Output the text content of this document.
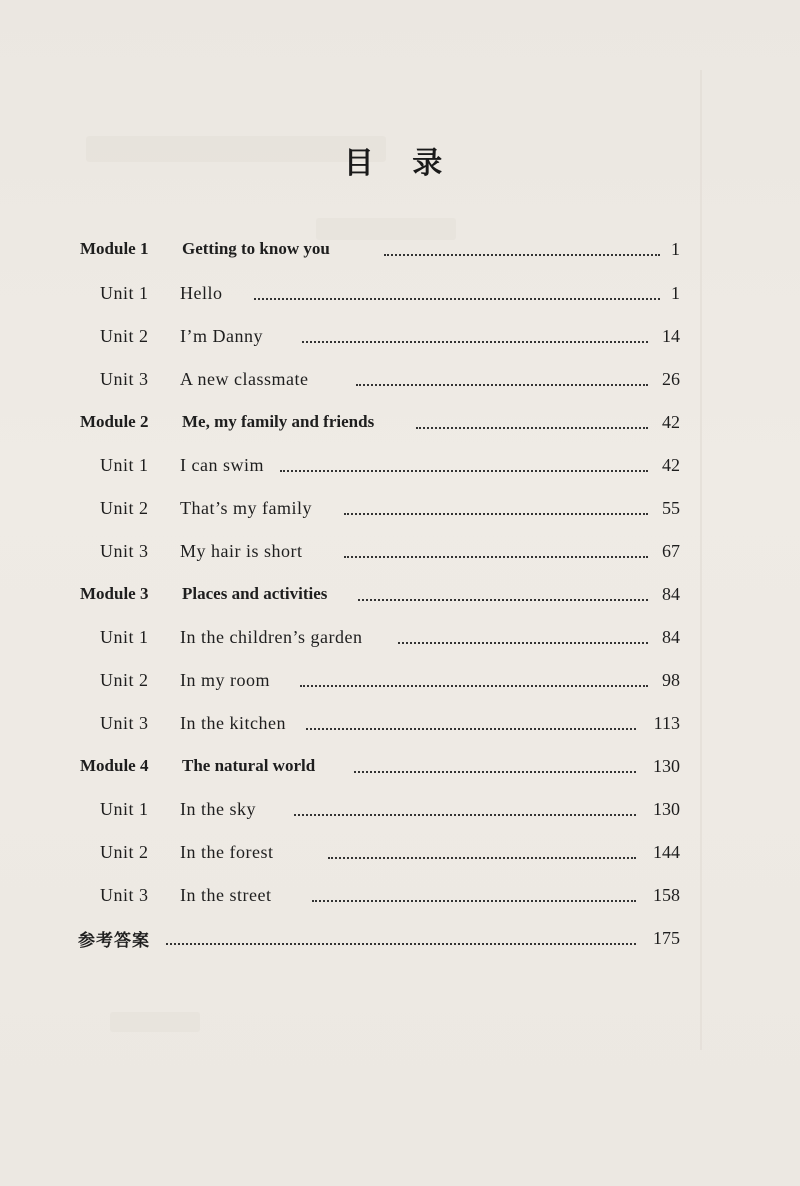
目 录
Module 1 Getting to know you	1
Unit 1 Hello	1
Unit 2 I’m Danny	14
Unit 3 A new classmate	26
Module 2 Me, my family and friends	42
Unit 1 I can swim	42
Unit 2 That’s my family	55
Unit 3 My hair is short	67
Module 3 Places and activities	84
Unit 1 In the children’s garden	84
Unit 2 In my room	98
Unit 3 In the kitchen	113
Module 4 The natural world	130
Unit 1 In the sky	130
Unit 2 In the forest	144
Unit 3 In the street	158
参考答案	175
